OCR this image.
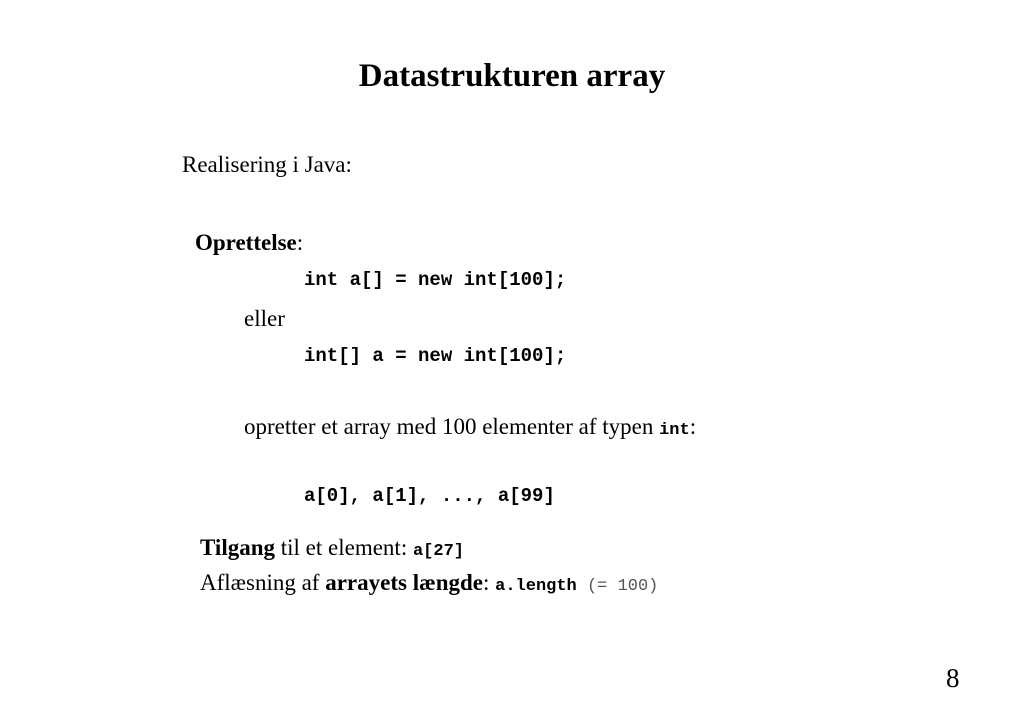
Datastrukturen array
Realisering i Java:
Oprettelse:
int a[] = new int[100];
eller
int[] a = new int[100];
opretter et array med 100 elementer af typen int:
a[0], a[1], ..., a[99]
Tilgang til et element: a[27]
Aflæsning af arrayets længde: a.length (= 100)
8
